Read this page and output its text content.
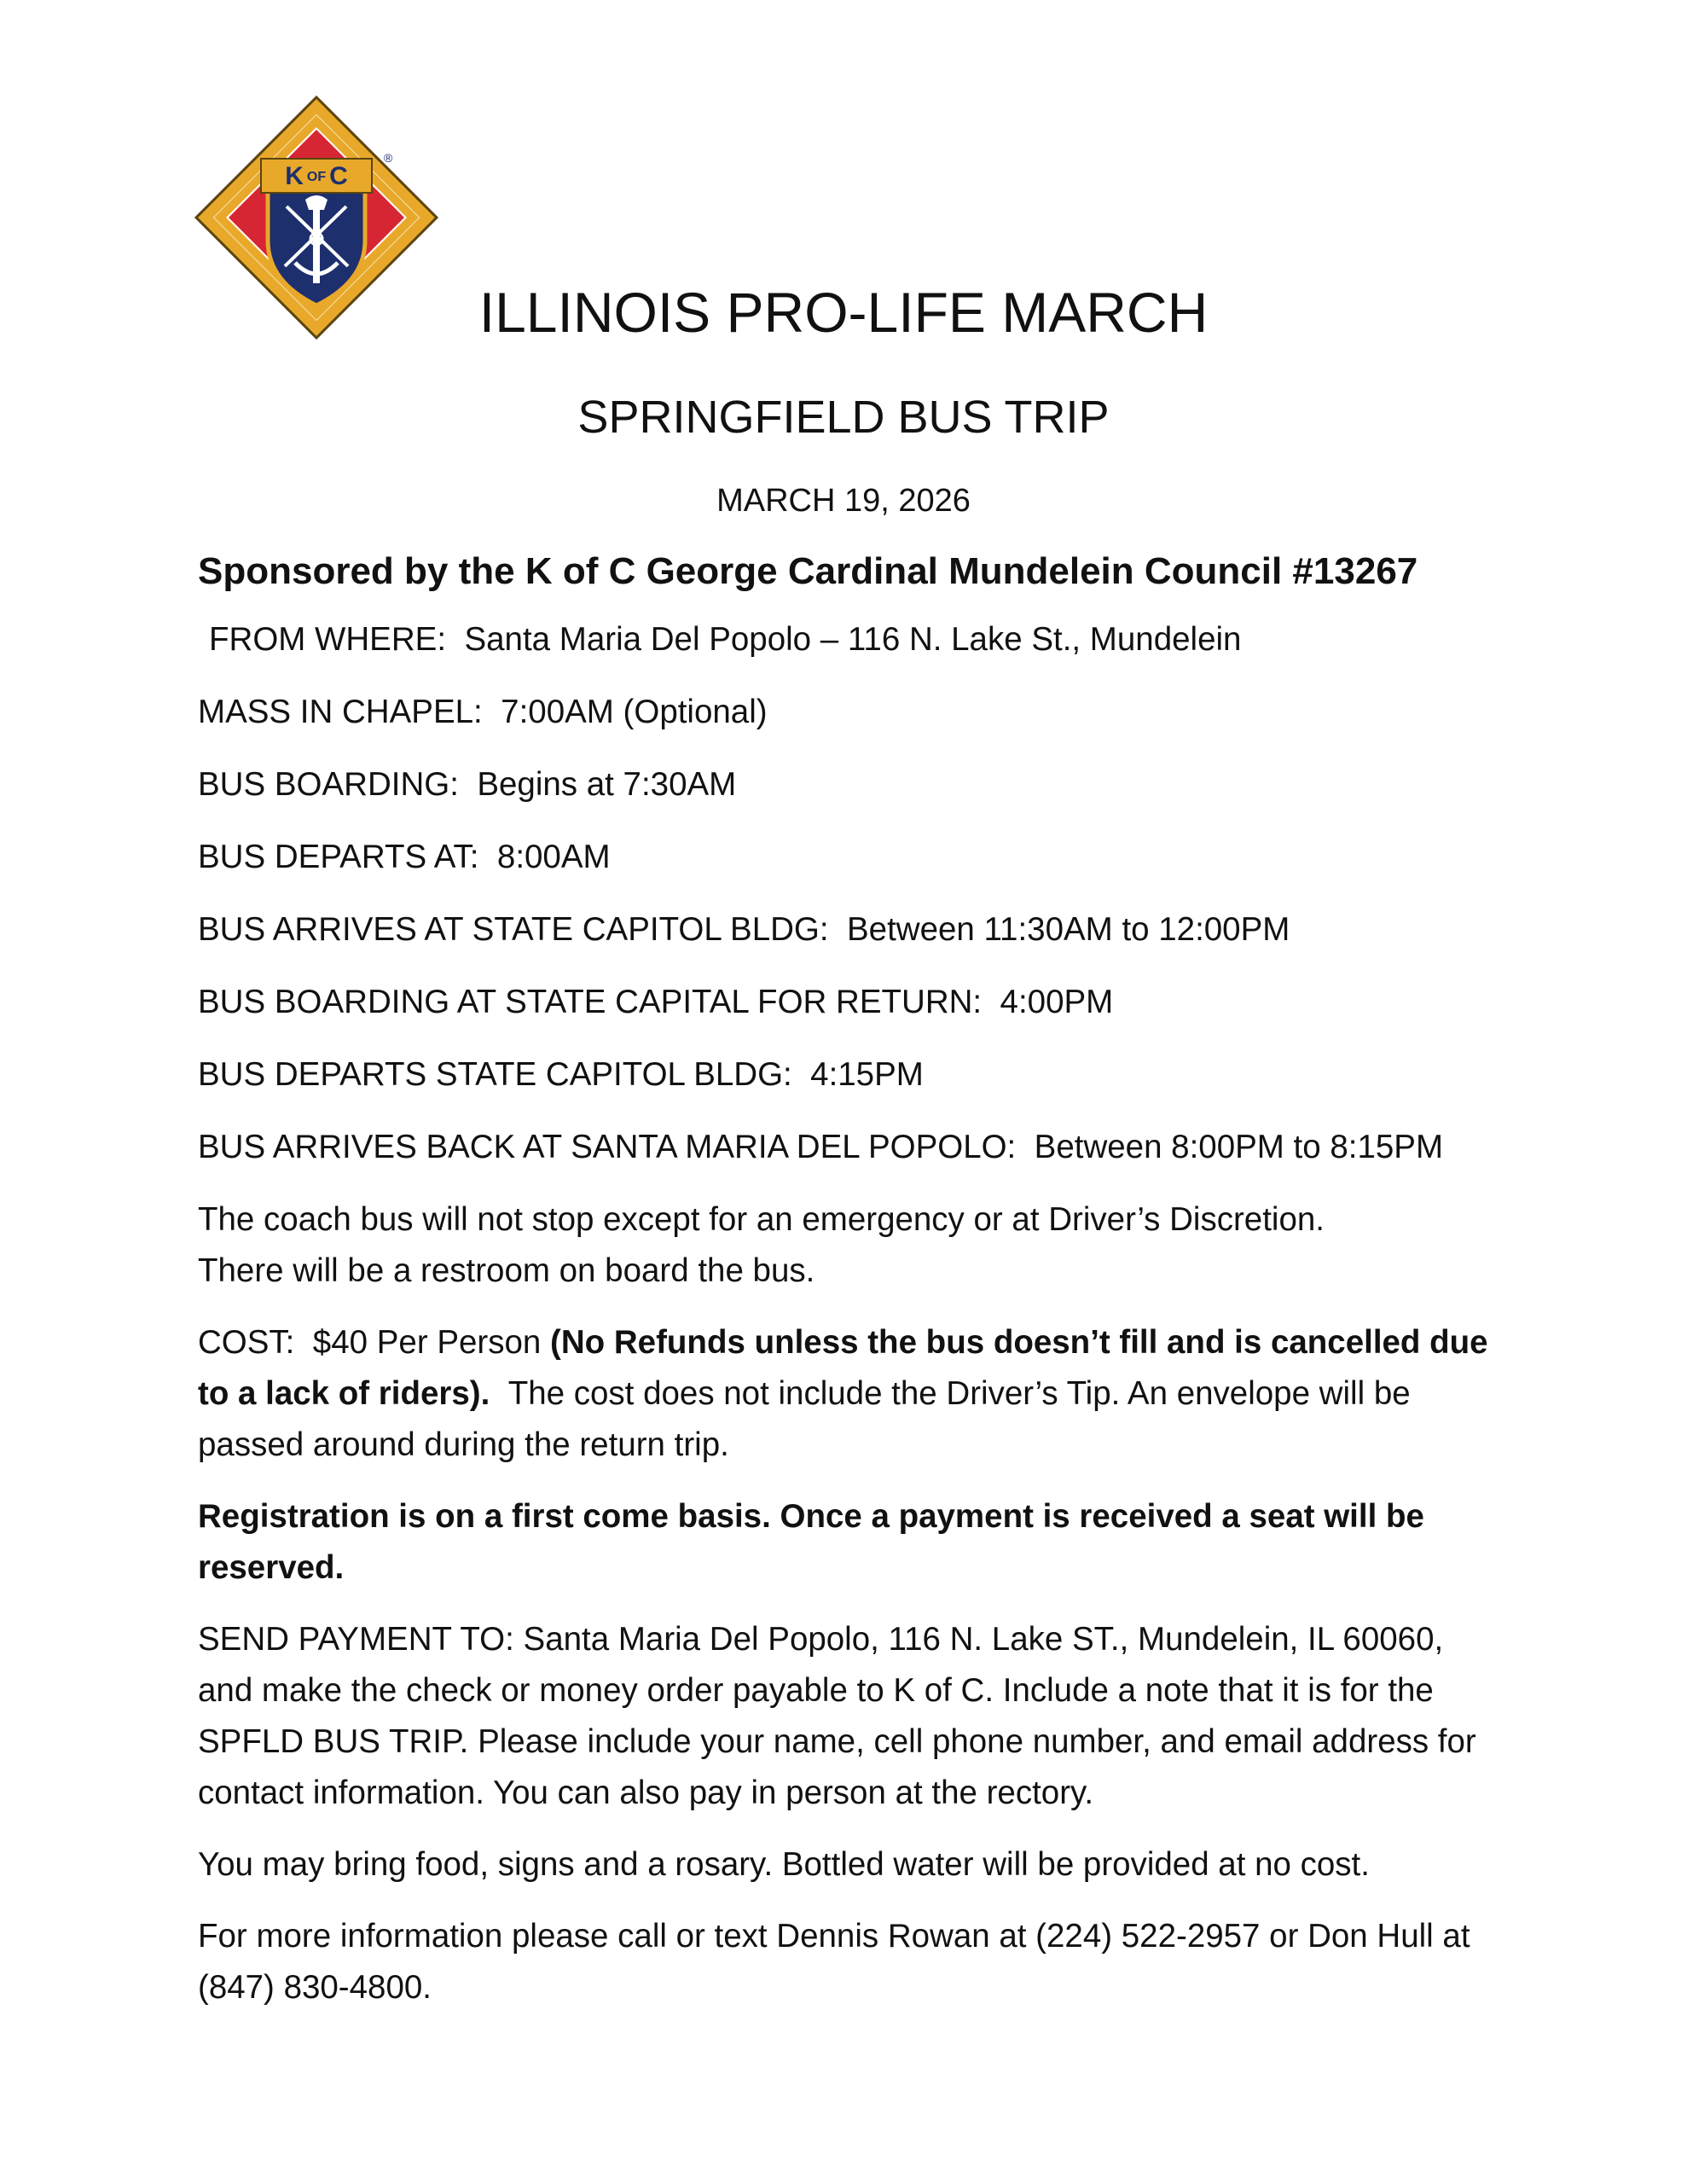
KOF C
®
ILLINOIS PRO-LIFE MARCH
SPRINGFIELD BUS TRIP
MARCH 19, 2026

Sponsored by the K of C George Cardinal Mundelein Council #13267

FROM WHERE: Santa Maria Del Popolo – 116 N. Lake St., Mundelein

MASS IN CHAPEL: 7:00AM (Optional)

BUS BOARDING: Begins at 7:30AM

BUS DEPARTS AT: 8:00AM

BUS ARRIVES AT STATE CAPITOL BLDG: Between 11:30AM to 12:00PM

BUS BOARDING AT STATE CAPITAL FOR RETURN: 4:00PM

BUS DEPARTS STATE CAPITOL BLDG: 4:15PM

BUS ARRIVES BACK AT SANTA MARIA DEL POPOLO: Between 8:00PM to 8:15PM

The coach bus will not stop except for an emergency or at Driver’s Discretion.
There will be a restroom on board the bus.

COST: $40 Per Person (No Refunds unless the bus doesn’t fill and is cancelled due to a lack of riders). The cost does not include the Driver’s Tip. An envelope will be passed around during the return trip.

Registration is on a first come basis. Once a payment is received a seat will be reserved.

SEND PAYMENT TO: Santa Maria Del Popolo, 116 N. Lake ST., Mundelein, IL 60060, and make the check or money order payable to K of C. Include a note that it is for the SPFLD BUS TRIP. Please include your name, cell phone number, and email address for contact information. You can also pay in person at the rectory.

You may bring food, signs and a rosary. Bottled water will be provided at no cost.

For more information please call or text Dennis Rowan at (224) 522-2957 or Don Hull at (847) 830-4800.
